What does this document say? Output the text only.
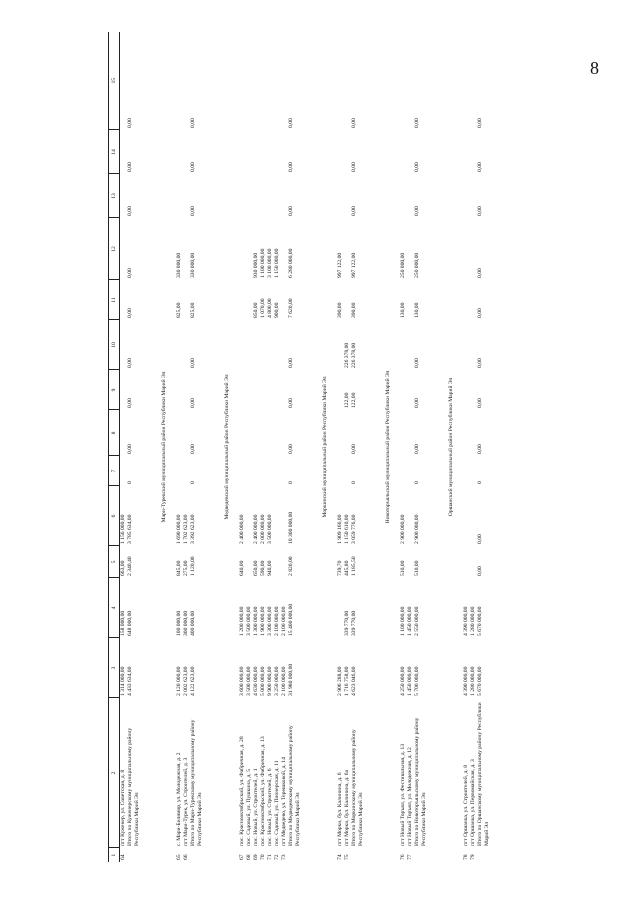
8
1	2	3	4	5	6	7	8	9	10	11	12	13	14	15
64	пгт Куженер, ул. Советская, д. 8	1 314 000,00	158 000,00	663,00	1 156 000,00									
	Итого по Куженерскому муниципальному району Республики Марий Эл	4 433 634,00	648 000,00	2 340,40	3 785 634,00	0	0,00	0,00	0,00	0,00	0,00	0,00	0,00	0,00
Мари-Турекский муниципальный район Республики Марий Эл														
65	с. Мари-Билямор, ул. Молодежная, д. 2	2 120 000,00	100 000,00	845,00	1 690 000,00					825,00	330 000,00			
66	пгт Мари-Турек, ул. Строителей, д. 3	2 002 623,00	300 000,00	275,00	1 702 623,00									
	Итого по Мари-Турекскому муниципальному району Республики Марий Эл	4 122 623,00	400 000,00	1 120,00	3 392 623,00	0	0,00	0,00	0,00	825,00	330 000,00	0,00	0,00	0,00
Медведевский муниципальный район Республики Марий Эл														
67	пос. Краснооктябрьский, ул. Фабричная, д. 28	3 600 000,00	1 200 000,00	640,00	2 400 000,00									
68	пос. Садовый, ул. Пушкина, д. 5	3 500 000,00	3 500 000,00											
69	пос. Новый, ул. Строителей, д. 1	4 630 000,00	1 300 000,00	650,00	2 400 000,00					850,00	930 000,00			
70	пос. Краснооктябрьский, ул. Фабричная, д. 13	5 000 000,00	1 900 000,00	590,00	2 000 000,00					1 070,00	1 100 000,00			
71	пос. Новый, ул. Строителей, д. 6	9 900 000,00	3 300 000,00	940,00	3 500 000,00					4 800,00	3 100 000,00			
72	пос. Садовый, ул. Пионерская, д. 11	3 250 000,00	2 100 000,00							900,00	1 150 000,00			
73	пгт Медведево, ул. Терешковой, д. 14	2 100 000,00	2 100 000,00											
	Итого по Медведевскому муниципальному району Республики Марий Эл	31 980 000,00	15 400 000,00	2 820,00	10 300 000,00	0	0,00	0,00	0,00	7 620,00	6 280 000,00	0,00	0,00	0,00
Моркинский муниципальный район Республики Марий Эл														
74	пгт Морки, бул. Калинина, д. 6	2 906 288,00		739,70	1 909 166,00					390,00	997 122,00			
75	пгт Морки, бул. Калинина, д. 6а	1 716 758,00	339 770,00	445,80	1 150 610,00			122,00	226 378,00					
	Итого по Моркинскому муниципальному району Республики Марий Эл	4 623 046,00	339 770,00	1 185,50	3 059 776,00	0	0,00	122,00	226 378,00	390,00	997 122,00	0,00	0,00	0,00
Новоторъяльский муниципальный район Республики Марий Эл														
76	пгт Новый Торъял, ул. Фестивальная, д. 13	4 250 000,00	1 100 000,00	510,00	2 900 000,00					130,00	250 000,00			
77	пгт Новый Торъял, ул. Молодежная, д. 12	1 450 000,00	1 450 000,00											
	Итого по Новоторъяльскому муниципальному району Республики Марий Эл	5 700 000,00	2 550 000,00	510,00	2 900 000,00	0	0,00	0,00	0,00	130,00	250 000,00	0,00	0,00	0,00
Оршанский муниципальный район Республики Марий Эл														
78	пгт Оршанка, ул. Строителей, д. 8	4 390 000,00	4 390 000,00											
79	пгт Оршанка, ул. Первомайская, д. 3	1 280 000,00	1 280 000,00											
	Итого по Оршанскому муниципальному району Республики Марий Эл	5 670 000,00	5 670 000,00	0,00	0,00	0	0,00	0,00	0,00	0,00	0,00	0,00	0,00	0,00
